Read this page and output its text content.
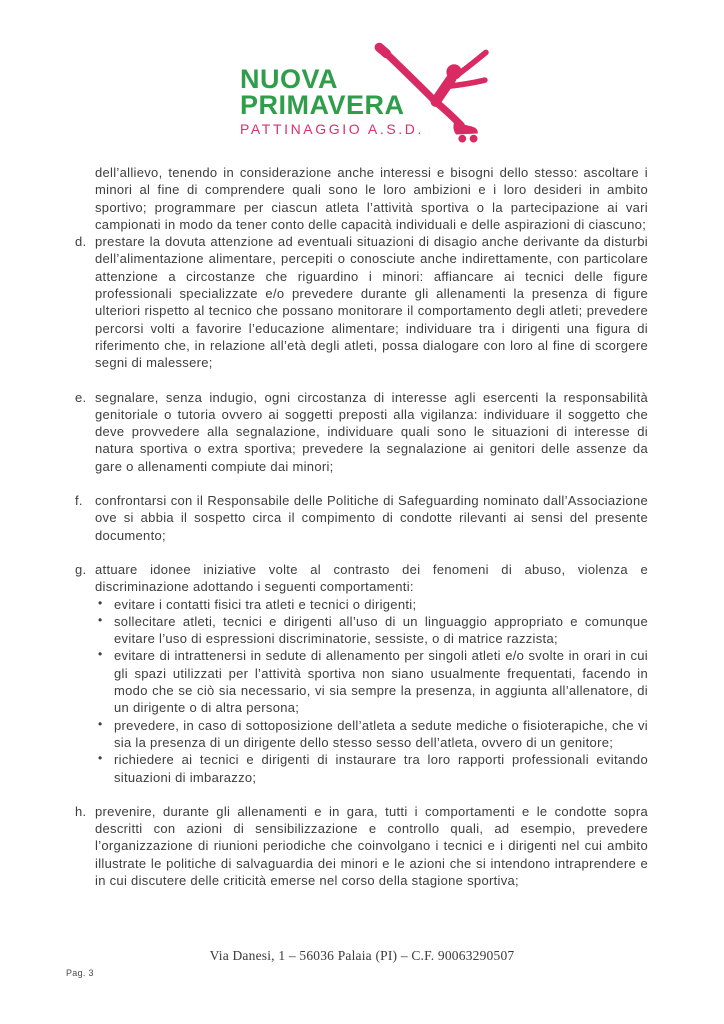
NUOVA
PRIMAVERA
PATTINAGGIO A.S.D.

dell’allievo, tenendo in considerazione anche interessi e bisogni dello stesso: ascoltare i minori al fine di comprendere quali sono le loro ambizioni e i loro desideri in ambito sportivo; programmare per ciascun atleta l’attività sportiva o la partecipazione ai vari campionati in modo da tener conto delle capacità individuali e delle aspirazioni di ciascuno;

d. prestare la dovuta attenzione ad eventuali situazioni di disagio anche derivante da disturbi dell’alimentazione alimentare, percepiti o conosciute anche indirettamente, con particolare attenzione a circostanze che riguardino i minori: affiancare ai tecnici delle figure professionali specializzate e/o prevedere durante gli allenamenti la presenza di figure ulteriori rispetto al tecnico che possano monitorare il comportamento degli atleti; prevedere percorsi volti a favorire l’educazione alimentare; individuare tra i dirigenti una figura di riferimento che, in relazione all’età degli atleti, possa dialogare con loro al fine di scorgere segni di malessere;

e. segnalare, senza indugio, ogni circostanza di interesse agli esercenti la responsabilità genitoriale o tutoria ovvero ai soggetti preposti alla vigilanza: individuare il soggetto che deve provvedere alla segnalazione, individuare quali sono le situazioni di interesse di natura sportiva o extra sportiva; prevedere la segnalazione ai genitori delle assenze da gare o allenamenti compiute dai minori;

f. confrontarsi con il Responsabile delle Politiche di Safeguarding nominato dall’Associazione ove si abbia il sospetto circa il compimento di condotte rilevanti ai sensi del presente documento;

g. attuare idonee iniziative volte al contrasto dei fenomeni di abuso, violenza e discriminazione adottando i seguenti comportamenti:

• evitare i contatti fisici tra atleti e tecnici o dirigenti;

• sollecitare atleti, tecnici e dirigenti all’uso di un linguaggio appropriato e comunque evitare l’uso di espressioni discriminatorie, sessiste, o di matrice razzista;

• evitare di intrattenersi in sedute di allenamento per singoli atleti e/o svolte in orari in cui gli spazi utilizzati per l’attività sportiva non siano usualmente frequentati, facendo in modo che se ciò sia necessario, vi sia sempre la presenza, in aggiunta all’allenatore, di un dirigente o di altra persona;

• prevedere, in caso di sottoposizione dell’atleta a sedute mediche o fisioterapiche, che vi sia la presenza di un dirigente dello stesso sesso dell’atleta, ovvero di un genitore;

• richiedere ai tecnici e dirigenti di instaurare tra loro rapporti professionali evitando situazioni di imbarazzo;

h. prevenire, durante gli allenamenti e in gara, tutti i comportamenti e le condotte sopra descritti con azioni di sensibilizzazione e controllo quali, ad esempio, prevedere l’organizzazione di riunioni periodiche che coinvolgano i tecnici e i dirigenti nel cui ambito illustrate le politiche di salvaguardia dei minori e le azioni che si intendono intraprendere e in cui discutere delle criticità emerse nel corso della stagione sportiva;

Via Danesi, 1 – 56036 Palaia (PI) – C.F. 90063290507
Pag. 3
